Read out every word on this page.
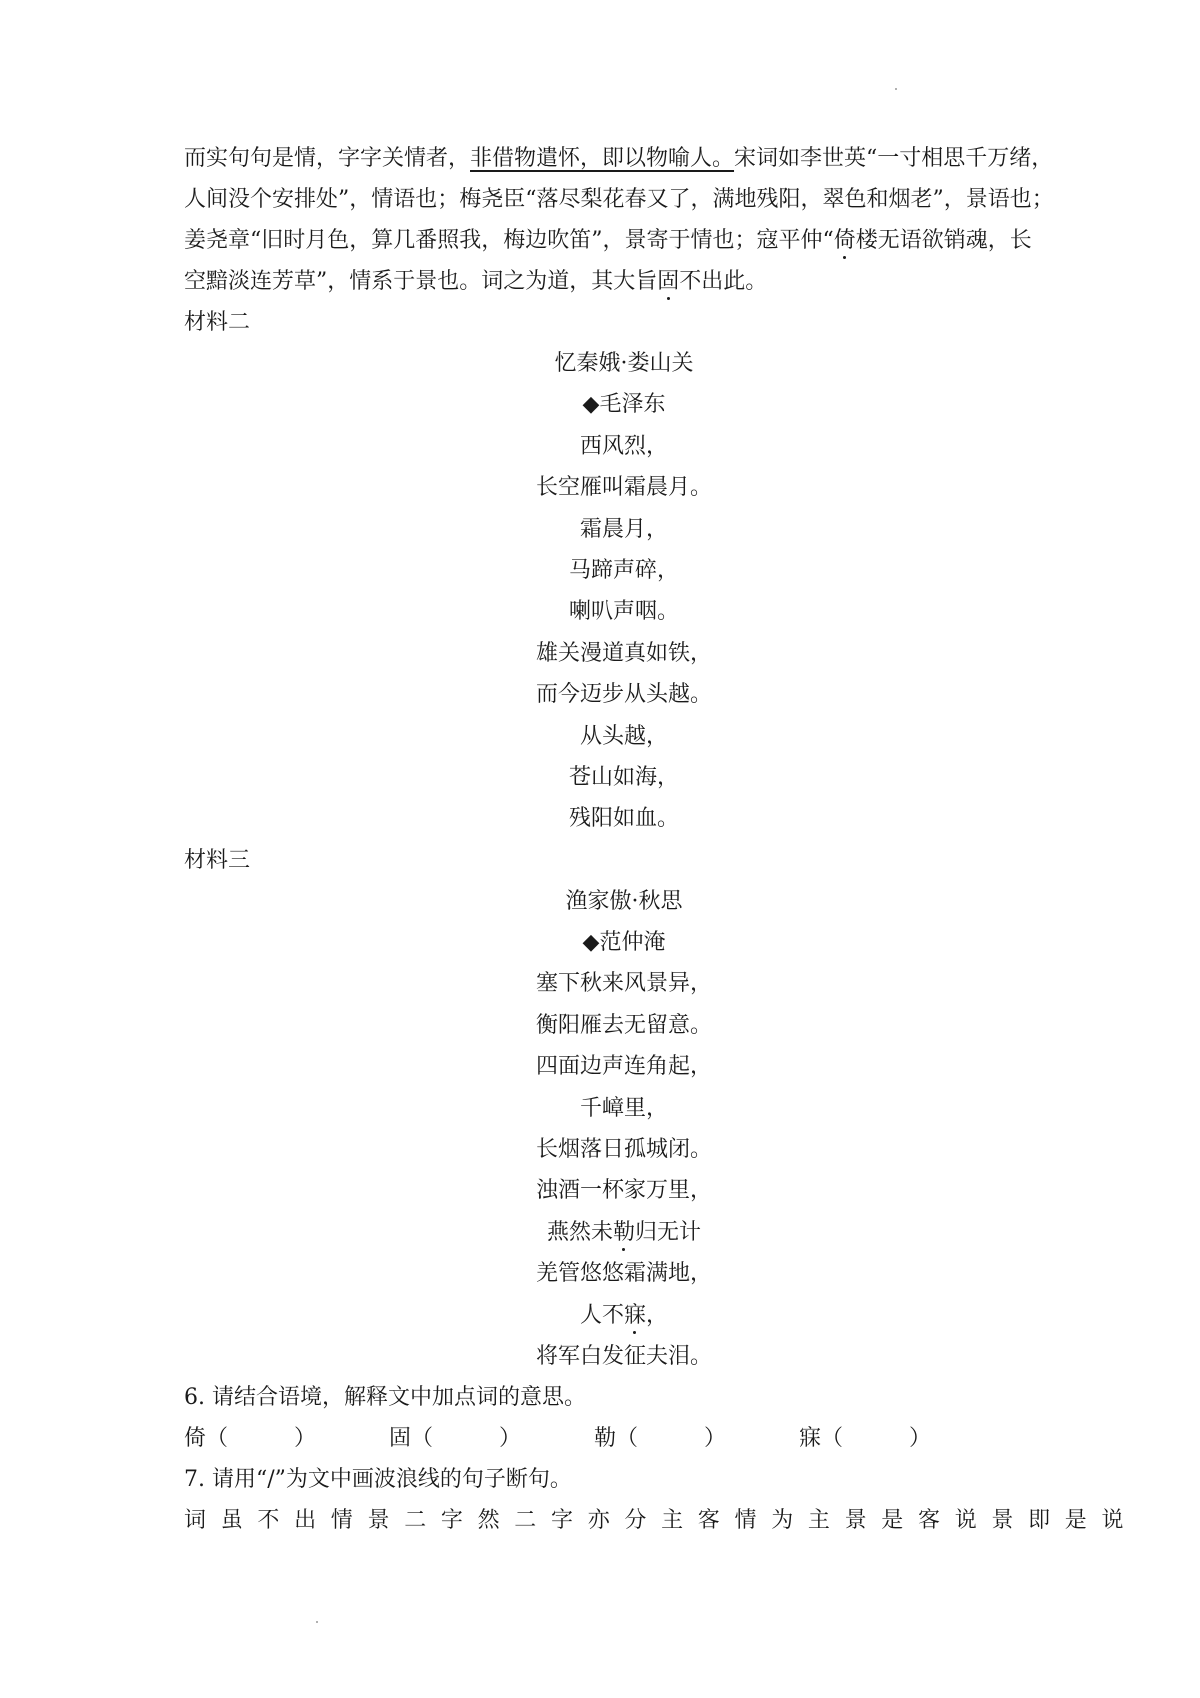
而实句句是情，字字关情者，非借物遣怀，即以物喻人。宋词如李世英“一寸相思千万绪，
人间没个安排处”，情语也；梅尧臣“落尽梨花春又了，满地残阳，翠色和烟老”，景语也；
姜尧章“旧时月色，算几番照我，梅边吹笛”，景寄于情也；寇平仲“倚楼无语欲销魂，长
空黯淡连芳草”，情系于景也。词之为道，其大旨固不出此。

材料二

忆秦娥·娄山关
◆毛泽东
西风烈，
长空雁叫霜晨月。
霜晨月，
马蹄声碎，
喇叭声咽。
雄关漫道真如铁，
而今迈步从头越。
从头越，
苍山如海，
残阳如血。

材料三

渔家傲·秋思
◆范仲淹
塞下秋来风景异，
衡阳雁去无留意。
四面边声连角起，
千嶂里，
长烟落日孤城闭。
浊酒一杯家万里，
燕然未勒归无计
羌管悠悠霜满地，
人不寐，
将军白发征夫泪。

6. 请结合语境，解释文中加点词的意思。

倚（　　　）	固（　　　）	勒（　　　）	寐（　　　）

7. 请用“/”为文中画波浪线的句子断句。

词虽不出情景二字然二字亦分主客情为主景是客说景即是说
